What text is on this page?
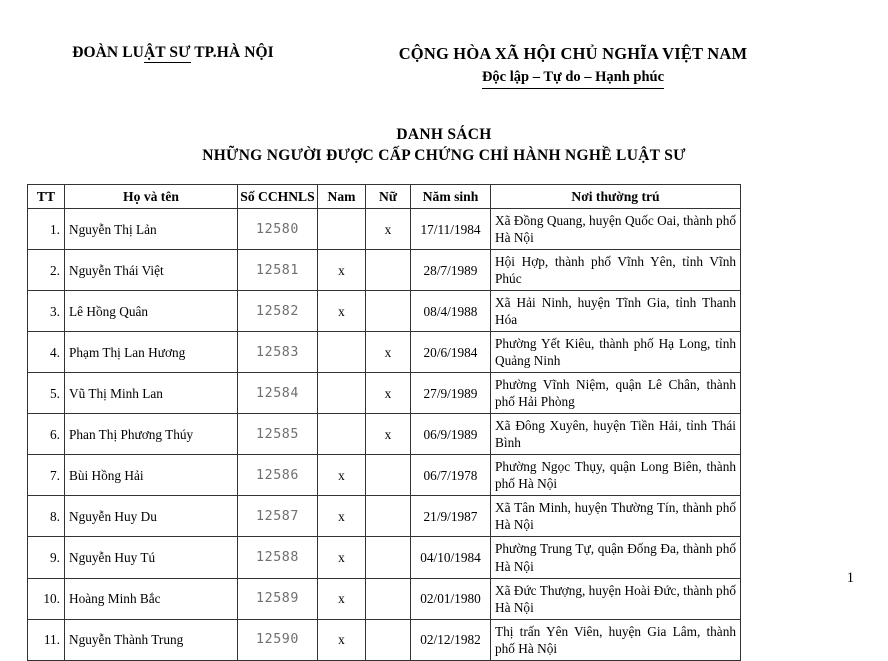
ĐOÀN LUẬT SƯ TP.HÀ NỘI	CỘNG HÒA XÃ HỘI CHỦ NGHĨA VIỆT NAM
Độc lập – Tự do – Hạnh phúc
DANH SÁCH
NHỮNG NGƯỜI ĐƯỢC CẤP CHỨNG CHỈ HÀNH NGHỀ LUẬT SƯ
TT	Họ và tên	Số CCHNLS	Nam	Nữ	Năm sinh	Nơi thường trú
1.	Nguyễn Thị Lản	12580		x	17/11/1984	Xã Đồng Quang, huyện Quốc Oai, thành phố Hà Nội
2.	Nguyễn Thái Việt	12581	x		28/7/1989	Hội Hợp, thành phố Vĩnh Yên, tỉnh Vĩnh Phúc
3.	Lê Hồng Quân	12582	x		08/4/1988	Xã Hải Ninh, huyện Tĩnh Gia, tỉnh Thanh Hóa
4.	Phạm Thị Lan Hương	12583		x	20/6/1984	Phường Yết Kiêu, thành phố Hạ Long, tỉnh Quảng Ninh
5.	Vũ Thị Minh Lan	12584		x	27/9/1989	Phường Vĩnh Niệm, quận Lê Chân, thành phố Hải Phòng
6.	Phan Thị Phương Thúy	12585		x	06/9/1989	Xã Đông Xuyên, huyện Tiền Hải, tỉnh Thái Bình
7.	Bùi Hồng Hải	12586	x		06/7/1978	Phường Ngọc Thụy, quận Long Biên, thành phố Hà Nội
8.	Nguyễn Huy Du	12587	x		21/9/1987	Xã Tân Minh, huyện Thường Tín, thành phố Hà Nội
9.	Nguyễn Huy Tú	12588	x		04/10/1984	Phường Trung Tự, quận Đống Đa, thành phố Hà Nội
10.	Hoàng Minh Bắc	12589	x		02/01/1980	Xã Đức Thượng, huyện Hoài Đức, thành phố Hà Nội
11.	Nguyễn Thành Trung	12590	x		02/12/1982	Thị trấn Yên Viên, huyện Gia Lâm, thành phố Hà Nội
1
